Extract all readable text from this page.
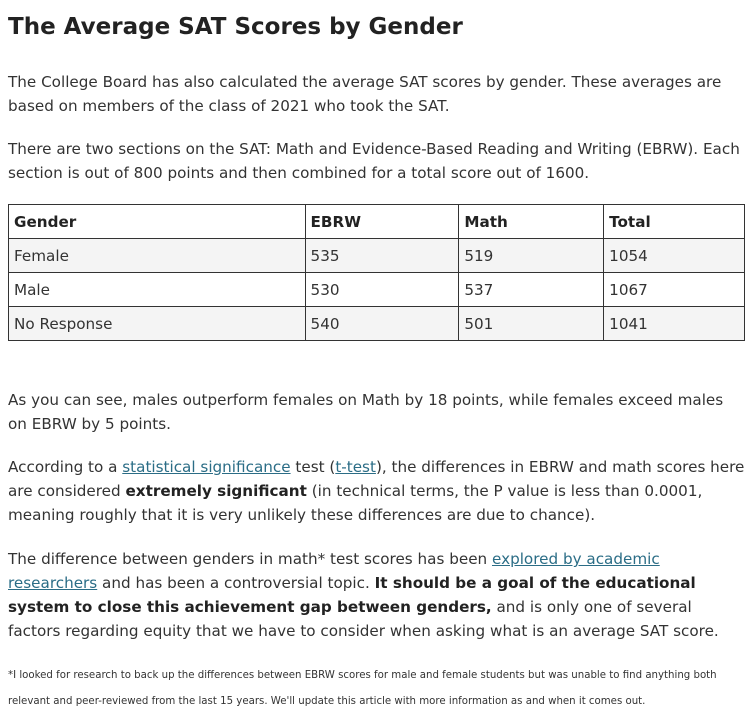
The Average SAT Scores by Gender

The College Board has also calculated the average SAT scores by gender. These averages are based on members of the class of 2021 who took the SAT.

There are two sections on the SAT: Math and Evidence-Based Reading and Writing (EBRW). Each section is out of 800 points and then combined for a total score out of 1600.

Gender	EBRW	Math	Total
Female	535	519	1054
Male	530	537	1067
No Response	540	501	1041

As you can see, males outperform females on Math by 18 points, while females exceed males on EBRW by 5 points.

According to a statistical significance test (t-test), the differences in EBRW and math scores here are considered extremely significant (in technical terms, the P value is less than 0.0001, meaning roughly that it is very unlikely these differences are due to chance).

The difference between genders in math* test scores has been explored by academic researchers and has been a controversial topic. It should be a goal of the educational system to close this achievement gap between genders, and is only one of several factors regarding equity that we have to consider when asking what is an average SAT score.

*I looked for research to back up the differences between EBRW scores for male and female students but was unable to find anything both relevant and peer-reviewed from the last 15 years. We'll update this article with more information as and when it comes out.
